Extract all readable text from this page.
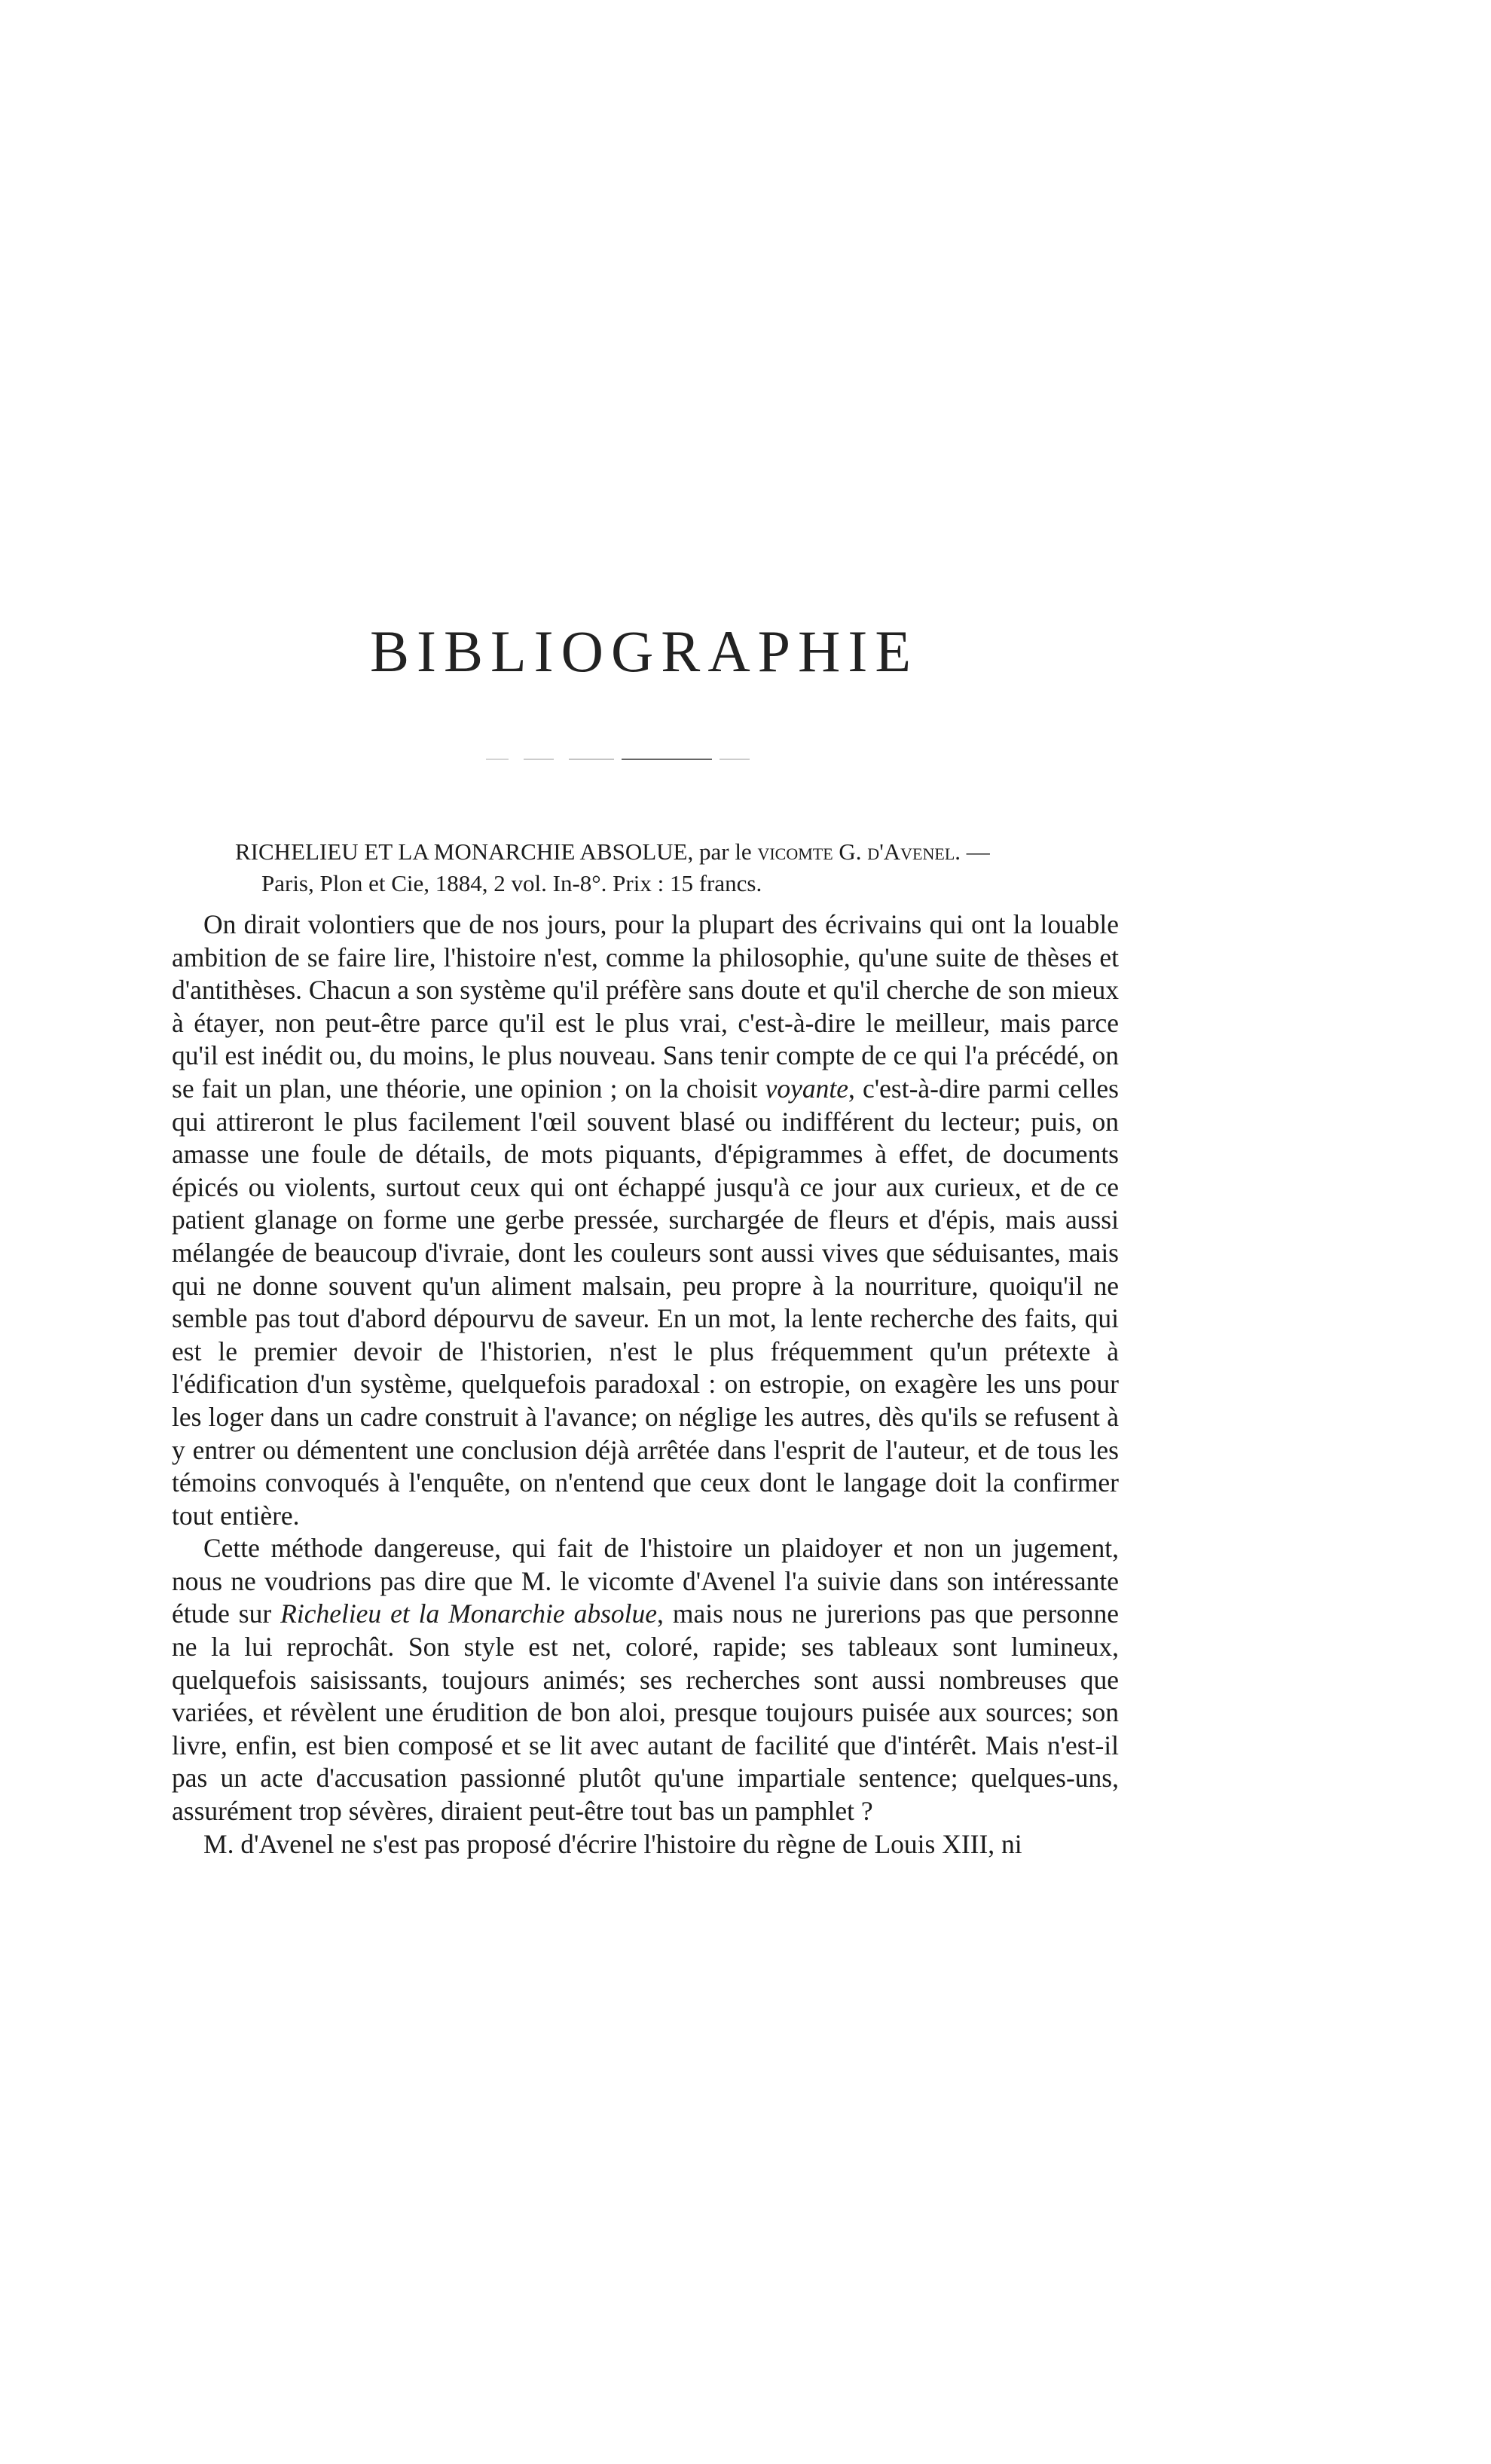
BIBLIOGRAPHIE
RICHELIEU ET LA MONARCHIE ABSOLUE, par le vicomte G. d'Avenel. —
Paris, Plon et Cie, 1884, 2 vol. In-8°. Prix : 15 francs.

On dirait volontiers que de nos jours, pour la plupart des écrivains qui ont la louable ambition de se faire lire, l'histoire n'est, comme la philosophie, qu'une suite de thèses et d'antithèses. Chacun a son système qu'il préfère sans doute et qu'il cherche de son mieux à étayer, non peut-être parce qu'il est le plus vrai, c'est-à-dire le meilleur, mais parce qu'il est inédit ou, du moins, le plus nouveau. Sans tenir compte de ce qui l'a précédé, on se fait un plan, une théorie, une opinion ; on la choisit voyante, c'est-à-dire parmi celles qui attireront le plus facilement l'œil souvent blasé ou indifférent du lecteur; puis, on amasse une foule de détails, de mots piquants, d'épigrammes à effet, de documents épicés ou violents, surtout ceux qui ont échappé jusqu'à ce jour aux curieux, et de ce patient glanage on forme une gerbe pressée, surchargée de fleurs et d'épis, mais aussi mélangée de beaucoup d'ivraie, dont les couleurs sont aussi vives que séduisantes, mais qui ne donne souvent qu'un aliment malsain, peu propre à la nourriture, quoiqu'il ne semble pas tout d'abord dépourvu de saveur. En un mot, la lente recherche des faits, qui est le premier devoir de l'historien, n'est le plus fréquemment qu'un prétexte à l'édification d'un système, quelquefois paradoxal : on estropie, on exagère les uns pour les loger dans un cadre construit à l'avance; on néglige les autres, dès qu'ils se refusent à y entrer ou démentent une conclusion déjà arrêtée dans l'esprit de l'auteur, et de tous les témoins convoqués à l'enquête, on n'entend que ceux dont le langage doit la confirmer tout entière.

Cette méthode dangereuse, qui fait de l'histoire un plaidoyer et non un jugement, nous ne voudrions pas dire que M. le vicomte d'Avenel l'a suivie dans son intéressante étude sur Richelieu et la Monarchie absolue, mais nous ne jurerions pas que personne ne la lui reprochât. Son style est net, coloré, rapide; ses tableaux sont lumineux, quelquefois saisissants, toujours animés; ses recherches sont aussi nombreuses que variées, et révèlent une érudition de bon aloi, presque toujours puisée aux sources; son livre, enfin, est bien composé et se lit avec autant de facilité que d'intérêt. Mais n'est-il pas un acte d'accusation passionné plutôt qu'une impartiale sentence; quelques-uns, assurément trop sévères, diraient peut-être tout bas un pamphlet ?

M. d'Avenel ne s'est pas proposé d'écrire l'histoire du règne de Louis XIII, ni
